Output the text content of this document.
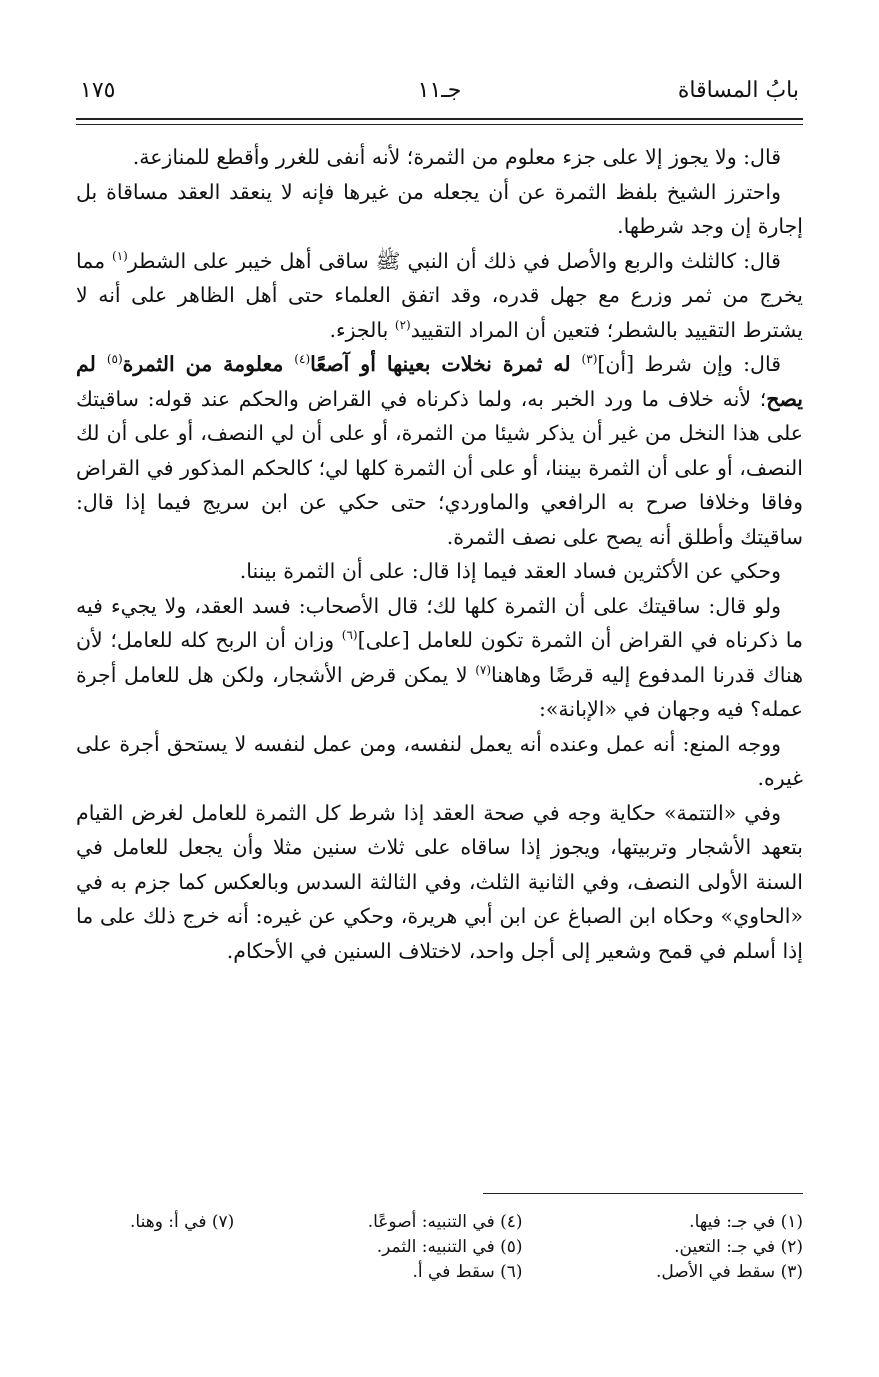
١٧٥	جـ١١	بابُ المساقاة

قال: ولا يجوز إلا على جزء معلوم من الثمرة؛ لأنه أنفى للغرر وأقطع للمنازعة.

واحترز الشيخ بلفظ الثمرة عن أن يجعله من غيرها فإنه لا ينعقد العقد مساقاة بل إجارة إن وجد شرطها.

قال: كالثلث والربع والأصل في ذلك أن النبي ﷺ ساقى أهل خيبر على الشطر$^{(١)}$ مما يخرج من ثمر وزرع مع جهل قدره، وقد اتفق العلماء حتى أهل الظاهر على أنه لا يشترط التقييد بالشطر؛ فتعين أن المراد التقييد$^{(٢)}$ بالجزء.

قال: وإن شرط [أن]$^{(٣)}$ له ثمرة نخلات بعينها أو آصعًا$^{(٤)}$ معلومة من الثمرة$^{(٥)}$ لم يصح؛ لأنه خلاف ما ورد الخبر به، ولما ذكرناه في القراض والحكم عند قوله: ساقيتك على هذا النخل من غير أن يذكر شيئا من الثمرة، أو على أن لي النصف، أو على أن لك النصف، أو على أن الثمرة بيننا، أو على أن الثمرة كلها لي؛ كالحكم المذكور في القراض وفاقا وخلافا صرح به الرافعي والماوردي؛ حتى حكي عن ابن سريج فيما إذا قال: ساقيتك وأطلق أنه يصح على نصف الثمرة.

وحكي عن الأكثرين فساد العقد فيما إذا قال: على أن الثمرة بيننا.

ولو قال: ساقيتك على أن الثمرة كلها لك؛ قال الأصحاب: فسد العقد، ولا يجيء فيه ما ذكرناه في القراض أن الثمرة تكون للعامل [على]$^{(٦)}$ وزان أن الربح كله للعامل؛ لأن هناك قدرنا المدفوع إليه قرضًا وهاهنا$^{(٧)}$ لا يمكن قرض الأشجار، ولكن هل للعامل أجرة عمله؟ فيه وجهان في «الإبانة»:

ووجه المنع: أنه عمل وعنده أنه يعمل لنفسه، ومن عمل لنفسه لا يستحق أجرة على غيره.

وفي «التتمة» حكاية وجه في صحة العقد إذا شرط كل الثمرة للعامل لغرض القيام بتعهد الأشجار وتربيتها، ويجوز إذا ساقاه على ثلاث سنين مثلا وأن يجعل للعامل في السنة الأولى النصف، وفي الثانية الثلث، وفي الثالثة السدس وبالعكس كما جزم به في «الحاوي» وحكاه ابن الصباغ عن ابن أبي هريرة، وحكي عن غيره: أنه خرج ذلك على ما إذا أسلم في قمح وشعير إلى أجل واحد، لاختلاف السنين في الأحكام.

(١) في جـ: فيها.
(٢) في جـ: التعين.
(٣) سقط في الأصل.
(٤) في التنبيه: أصوعًا.
(٥) في التنبيه: الثمر.
(٦) سقط في أ.
(٧) في أ: وهنا.
